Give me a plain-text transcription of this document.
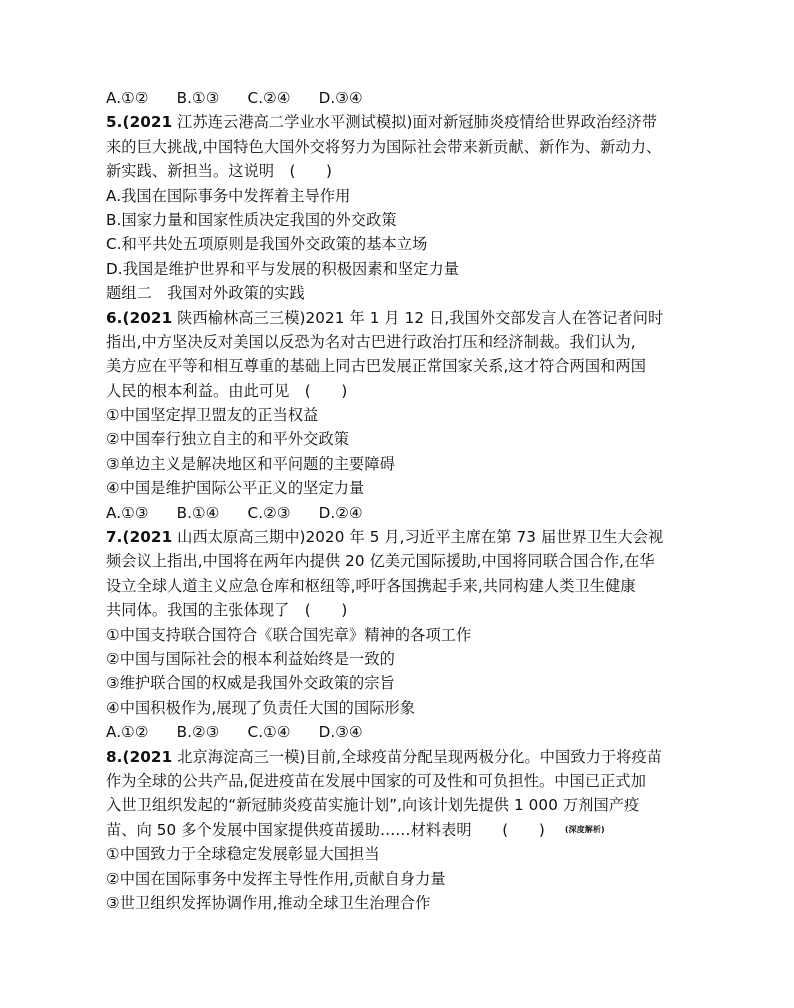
A.①② B.①③ C.②④ D.③④
5.(2021 江苏连云港高二学业水平测试模拟)面对新冠肺炎疫情给世界政治经济带
来的巨大挑战,中国特色大国外交将努力为国际社会带来新贡献、新作为、新动力、
新实践、新担当。这说明　(　　)
A.我国在国际事务中发挥着主导作用
B.国家力量和国家性质决定我国的外交政策
C.和平共处五项原则是我国外交政策的基本立场
D.我国是维护世界和平与发展的积极因素和坚定力量
题组二　我国对外政策的实践
6.(2021 陕西榆林高三三模)2021 年 1 月 12 日,我国外交部发言人在答记者问时
指出,中方坚决反对美国以反恐为名对古巴进行政治打压和经济制裁。我们认为,
美方应在平等和相互尊重的基础上同古巴发展正常国家关系,这才符合两国和两国
人民的根本利益。由此可见　(　　)
①中国坚定捍卫盟友的正当权益
②中国奉行独立自主的和平外交政策
③单边主义是解决地区和平问题的主要障碍
④中国是维护国际公平正义的坚定力量
A.①③ B.①④ C.②③ D.②④
7.(2021 山西太原高三期中)2020 年 5 月,习近平主席在第 73 届世界卫生大会视
频会议上指出,中国将在两年内提供 20 亿美元国际援助,中国将同联合国合作,在华
设立全球人道主义应急仓库和枢纽等,呼吁各国携起手来,共同构建人类卫生健康
共同体。我国的主张体现了　(　　)
①中国支持联合国符合《联合国宪章》精神的各项工作
②中国与国际社会的根本利益始终是一致的
③维护联合国的权威是我国外交政策的宗旨
④中国积极作为,展现了负责任大国的国际形象
A.①② B.②③ C.①④ D.③④
8.(2021 北京海淀高三一模)目前,全球疫苗分配呈现两极分化。中国致力于将疫苗
作为全球的公共产品,促进疫苗在发展中国家的可及性和可负担性。中国已正式加
入世卫组织发起的“新冠肺炎疫苗实施计划”,向该计划先提供 1 000 万剂国产疫
苗、向 50 多个发展中国家提供疫苗援助……材料表明　　(　　)	(深度解析)
①中国致力于全球稳定发展彰显大国担当
②中国在国际事务中发挥主导性作用,贡献自身力量
③世卫组织发挥协调作用,推动全球卫生治理合作
